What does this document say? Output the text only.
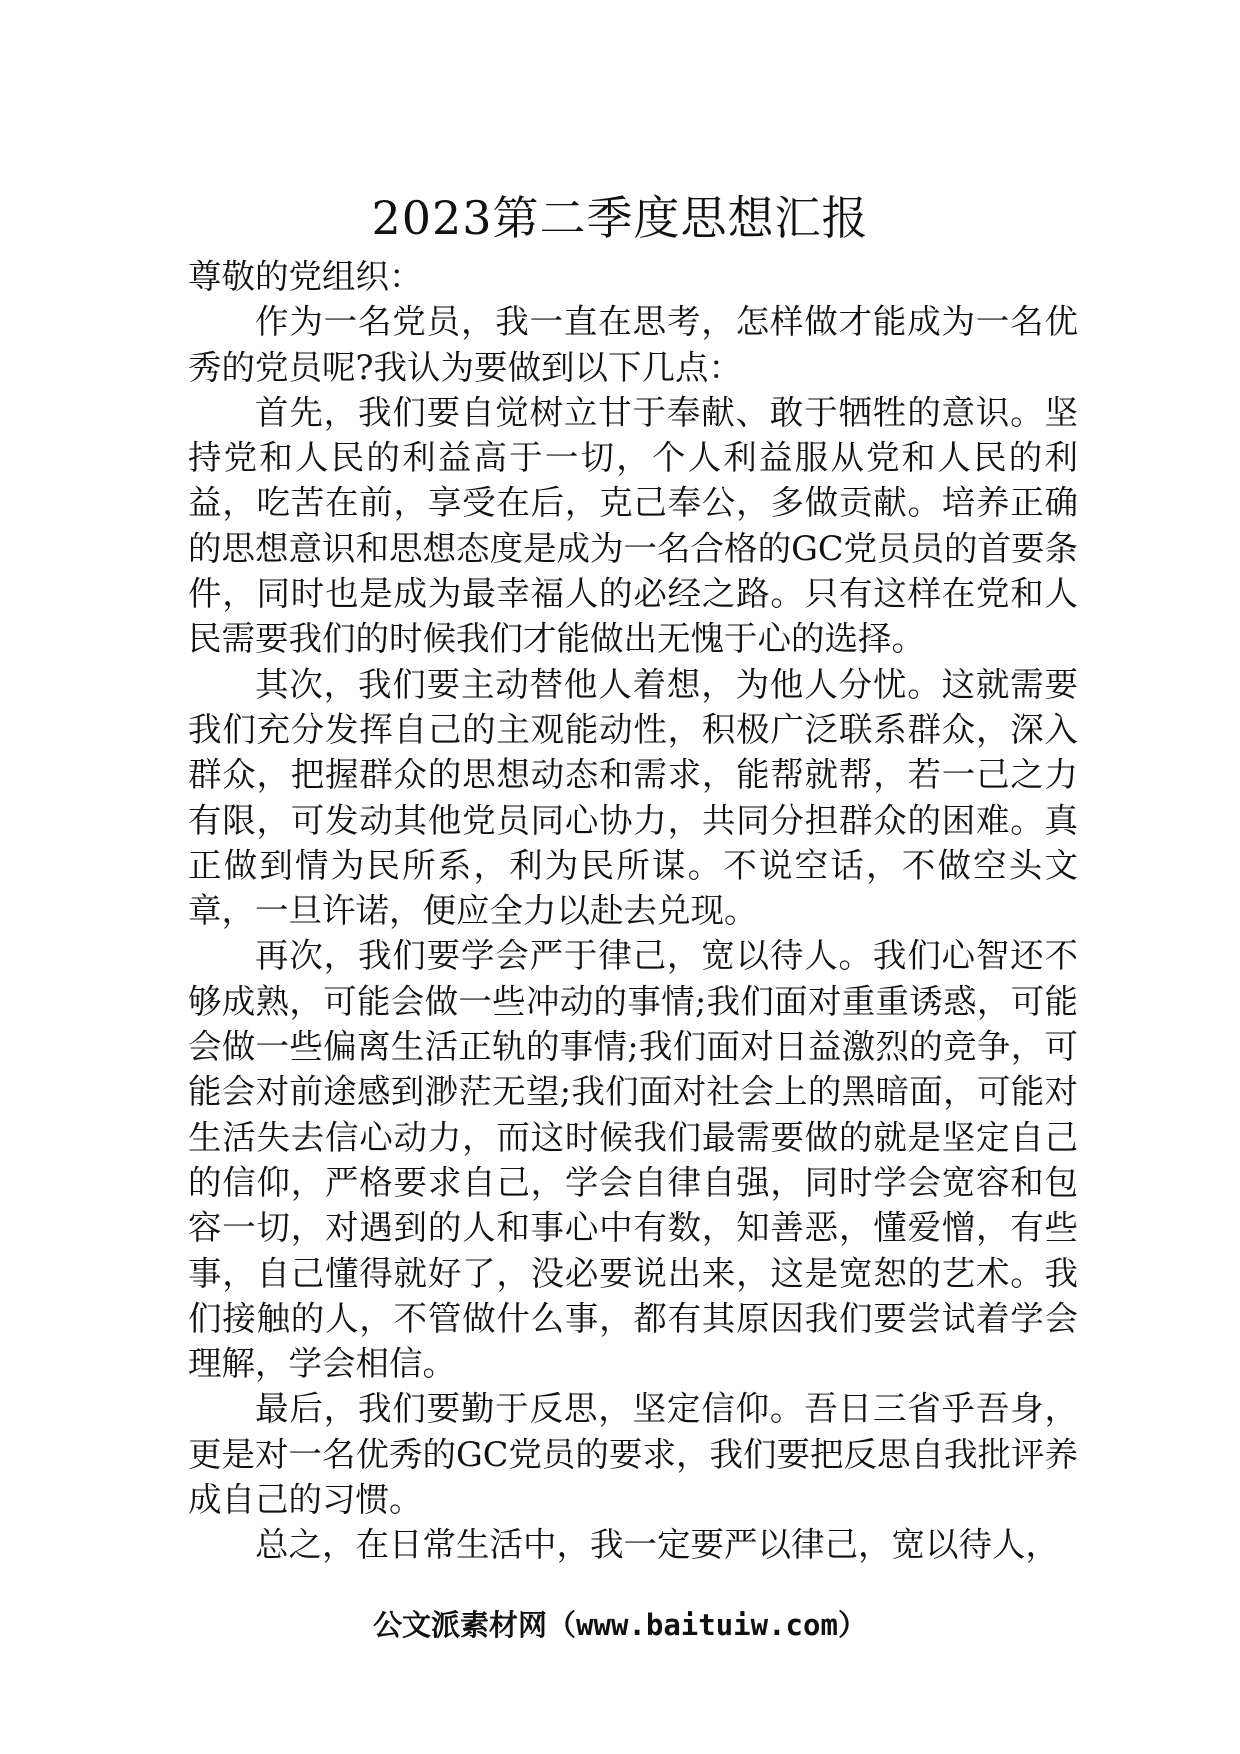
2023第二季度思想汇报

尊敬的党组织：

作为一名党员，我一直在思考，怎样做才能成为一名优秀的党员呢?我认为要做到以下几点：

首先，我们要自觉树立甘于奉献、敢于牺牲的意识。坚持党和人民的利益高于一切，个人利益服从党和人民的利益，吃苦在前，享受在后，克己奉公，多做贡献。培养正确的思想意识和思想态度是成为一名合格的GC党员员的首要条件，同时也是成为最幸福人的必经之路。只有这样在党和人民需要我们的时候我们才能做出无愧于心的选择。

其次，我们要主动替他人着想，为他人分忧。这就需要我们充分发挥自己的主观能动性，积极广泛联系群众，深入群众，把握群众的思想动态和需求，能帮就帮，若一己之力有限，可发动其他党员同心协力，共同分担群众的困难。真正做到情为民所系，利为民所谋。不说空话，不做空头文章，一旦许诺，便应全力以赴去兑现。

再次，我们要学会严于律己，宽以待人。我们心智还不够成熟，可能会做一些冲动的事情;我们面对重重诱惑，可能会做一些偏离生活正轨的事情;我们面对日益激烈的竞争，可能会对前途感到渺茫无望;我们面对社会上的黑暗面，可能对生活失去信心动力，而这时候我们最需要做的就是坚定自己的信仰，严格要求自己，学会自律自强，同时学会宽容和包容一切，对遇到的人和事心中有数，知善恶，懂爱憎，有些事，自己懂得就好了，没必要说出来，这是宽恕的艺术。我们接触的人，不管做什么事，都有其原因我们要尝试着学会理解，学会相信。

最后，我们要勤于反思，坚定信仰。吾日三省乎吾身，更是对一名优秀的GC党员的要求，我们要把反思自我批评养成自己的习惯。

总之，在日常生活中，我一定要严以律己，宽以待人，

公文派素材网（www.baituiw.com）
